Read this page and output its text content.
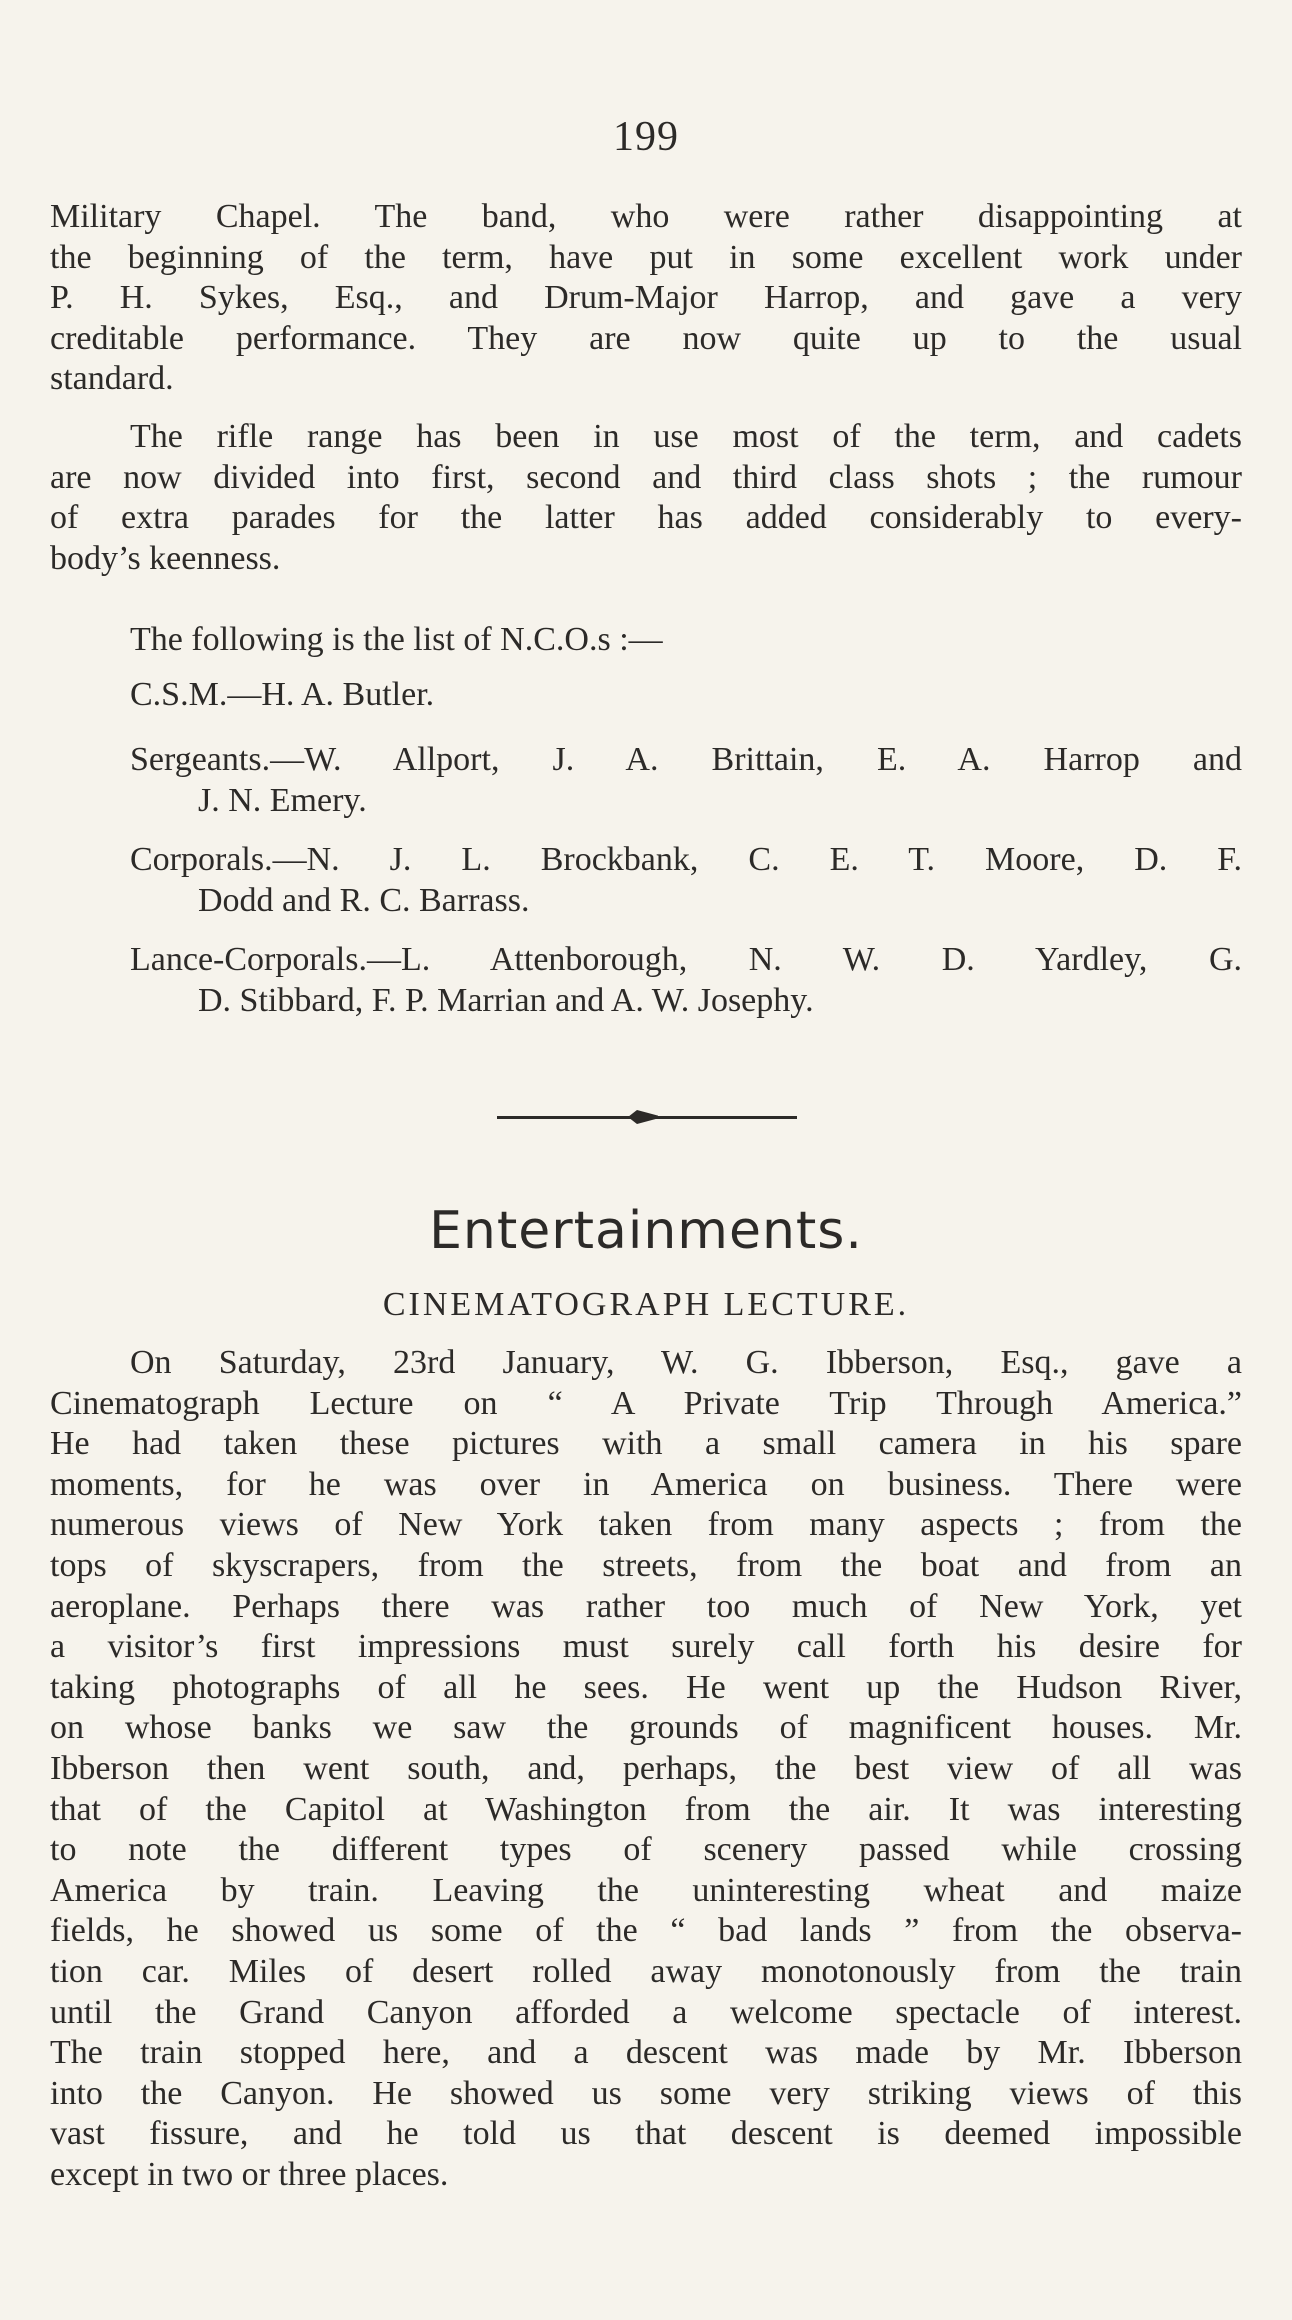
199
Military Chapel. The band, who were rather disappointing at
the beginning of the term, have put in some excellent work under
P. H. Sykes, Esq., and Drum-Major Harrop, and gave a very
creditable performance. They are now quite up to the usual
standard.
The rifle range has been in use most of the term, and cadets
are now divided into first, second and third class shots ; the rumour
of extra parades for the latter has added considerably to every-
body’s keenness.
The following is the list of N.C.O.s :—
C.S.M.—H. A. Butler.
Sergeants.—W. Allport, J. A. Brittain, E. A. Harrop and
J. N. Emery.
Corporals.—N. J. L. Brockbank, C. E. T. Moore, D. F.
Dodd and R. C. Barrass.
Lance-Corporals.—L. Attenborough, N. W. D. Yardley, G.
D. Stibbard, F. P. Marrian and A. W. Josephy.
Entertainments.
CINEMATOGRAPH LECTURE.
On Saturday, 23rd January, W. G. Ibberson, Esq., gave a
Cinematograph Lecture on “ A Private Trip Through America.”
He had taken these pictures with a small camera in his spare
moments, for he was over in America on business. There were
numerous views of New York taken from many aspects ; from the
tops of skyscrapers, from the streets, from the boat and from an
aeroplane. Perhaps there was rather too much of New York, yet
a visitor’s first impressions must surely call forth his desire for
taking photographs of all he sees. He went up the Hudson River,
on whose banks we saw the grounds of magnificent houses. Mr.
Ibberson then went south, and, perhaps, the best view of all was
that of the Capitol at Washington from the air. It was interesting
to note the different types of scenery passed while crossing
America by train. Leaving the uninteresting wheat and maize
fields, he showed us some of the “ bad lands ” from the observa-
tion car. Miles of desert rolled away monotonously from the train
until the Grand Canyon afforded a welcome spectacle of interest.
The train stopped here, and a descent was made by Mr. Ibberson
into the Canyon. He showed us some very striking views of this
vast fissure, and he told us that descent is deemed impossible
except in two or three places.
